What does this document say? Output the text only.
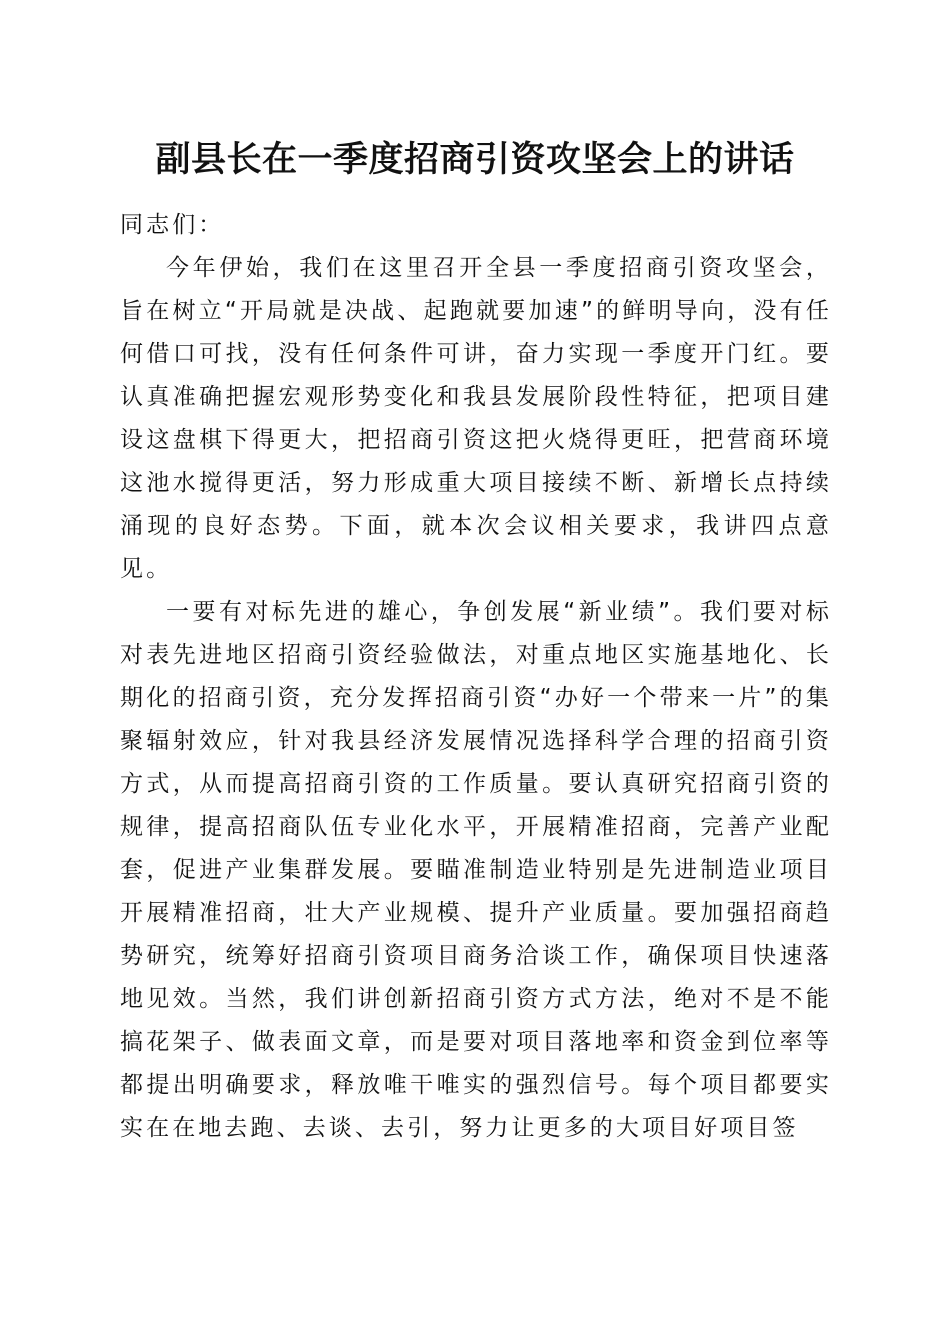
副县长在一季度招商引资攻坚会上的讲话

同志们：

今年伊始，我们在这里召开全县一季度招商引资攻坚会，旨在树立“开局就是决战、起跑就要加速”的鲜明导向，没有任何借口可找，没有任何条件可讲，奋力实现一季度开门红。要认真准确把握宏观形势变化和我县发展阶段性特征，把项目建设这盘棋下得更大，把招商引资这把火烧得更旺，把营商环境这池水搅得更活，努力形成重大项目接续不断、新增长点持续涌现的良好态势。下面，就本次会议相关要求，我讲四点意见。

一要有对标先进的雄心，争创发展“新业绩”。我们要对标对表先进地区招商引资经验做法，对重点地区实施基地化、长期化的招商引资，充分发挥招商引资“办好一个带来一片”的集聚辐射效应，针对我县经济发展情况选择科学合理的招商引资方式，从而提高招商引资的工作质量。要认真研究招商引资的规律，提高招商队伍专业化水平，开展精准招商，完善产业配套，促进产业集群发展。要瞄准制造业特别是先进制造业项目开展精准招商，壮大产业规模、提升产业质量。要加强招商趋势研究，统筹好招商引资项目商务洽谈工作，确保项目快速落地见效。当然，我们讲创新招商引资方式方法，绝对不是不能搞花架子、做表面文章，而是要对项目落地率和资金到位率等都提出明确要求，释放唯干唯实的强烈信号。每个项目都要实实在在地去跑、去谈、去引，努力让更多的大项目好项目签
